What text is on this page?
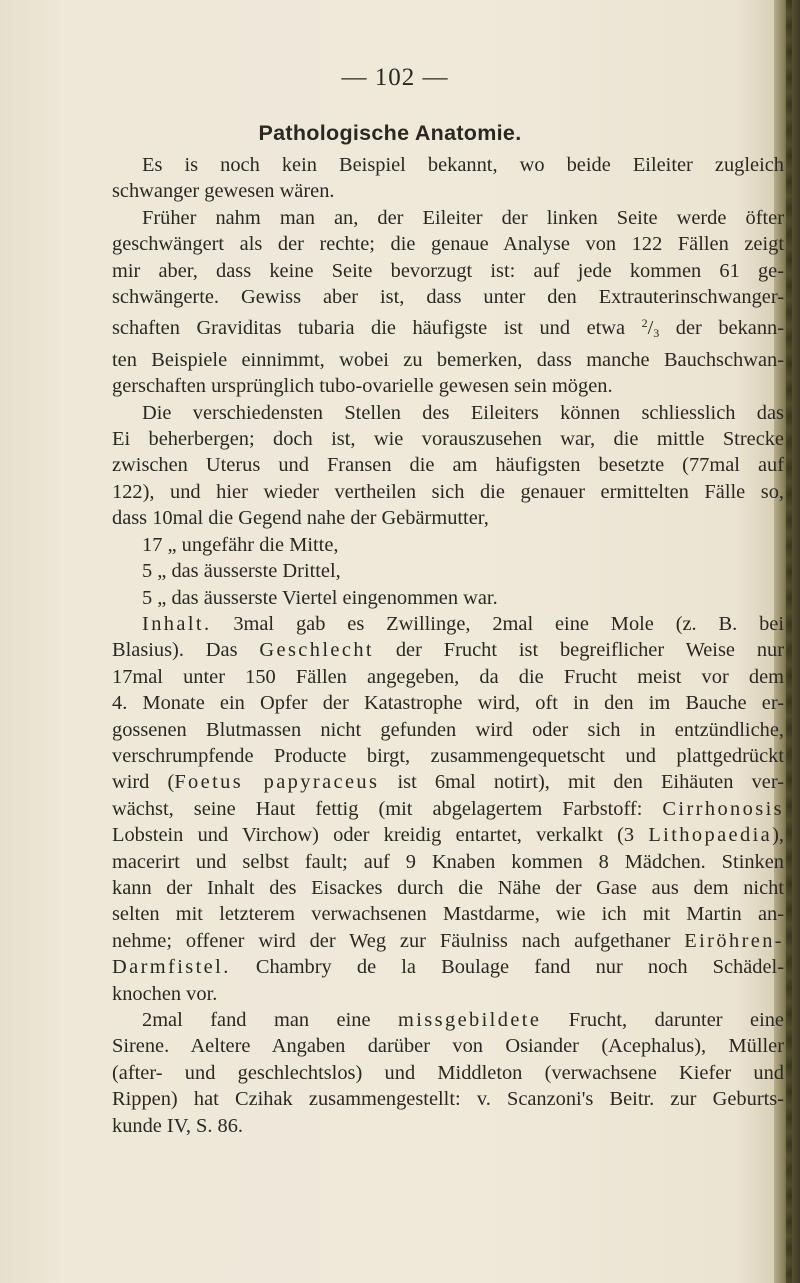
— 102 —
Pathologische Anatomie.
Es is noch kein Beispiel bekannt, wo beide Eileiter zugleich
schwanger gewesen wären.
Früher nahm man an, der Eileiter der linken Seite werde öfter
geschwängert als der rechte; die genaue Analyse von 122 Fällen zeigt
mir aber, dass keine Seite bevorzugt ist: auf jede kommen 61 ge-
schwängerte. Gewiss aber ist, dass unter den Extrauterinschwanger-
schaften Graviditas tubaria die häufigste ist und etwa $^2/_3$ der bekann-
ten Beispiele einnimmt, wobei zu bemerken, dass manche Bauchschwan-
gerschaften ursprünglich tubo-ovarielle gewesen sein mögen.
Die verschiedensten Stellen des Eileiters können schliesslich das
Ei beherbergen; doch ist, wie vorauszusehen war, die mittle Strecke
zwischen Uterus und Fransen die am häufigsten besetzte (77mal auf
122), und hier wieder vertheilen sich die genauer ermittelten Fälle so,
dass 10mal die Gegend nahe der Gebärmutter,
17 „ ungefähr die Mitte,
5 „ das äusserste Drittel,
5 „ das äusserste Viertel eingenommen war.
Inhalt. 3mal gab es Zwillinge, 2mal eine Mole (z. B. bei
Blasius). Das Geschlecht der Frucht ist begreiflicher Weise nur
17mal unter 150 Fällen angegeben, da die Frucht meist vor dem
4. Monate ein Opfer der Katastrophe wird, oft in den im Bauche er-
gossenen Blutmassen nicht gefunden wird oder sich in entzündliche,
verschrumpfende Producte birgt, zusammengequetscht und plattgedrückt
wird (Foetus papyraceus ist 6mal notirt), mit den Eihäuten ver-
wächst, seine Haut fettig (mit abgelagertem Farbstoff: Cirrhonosis
Lobstein und Virchow) oder kreidig entartet, verkalkt (3 Lithopaedia),
macerirt und selbst fault; auf 9 Knaben kommen 8 Mädchen. Stinken
kann der Inhalt des Eisackes durch die Nähe der Gase aus dem nicht
selten mit letzterem verwachsenen Mastdarme, wie ich mit Martin an-
nehme; offener wird der Weg zur Fäulniss nach aufgethaner Eiröhren-
Darmfistel. Chambry de la Boulage fand nur noch Schädel-
knochen vor.
2mal fand man eine missgebildete Frucht, darunter eine
Sirene. Aeltere Angaben darüber von Osiander (Acephalus), Müller
(after- und geschlechtslos) und Middleton (verwachsene Kiefer und
Rippen) hat Czihak zusammengestellt: v. Scanzoni's Beitr. zur Geburts-
kunde IV, S. 86.
